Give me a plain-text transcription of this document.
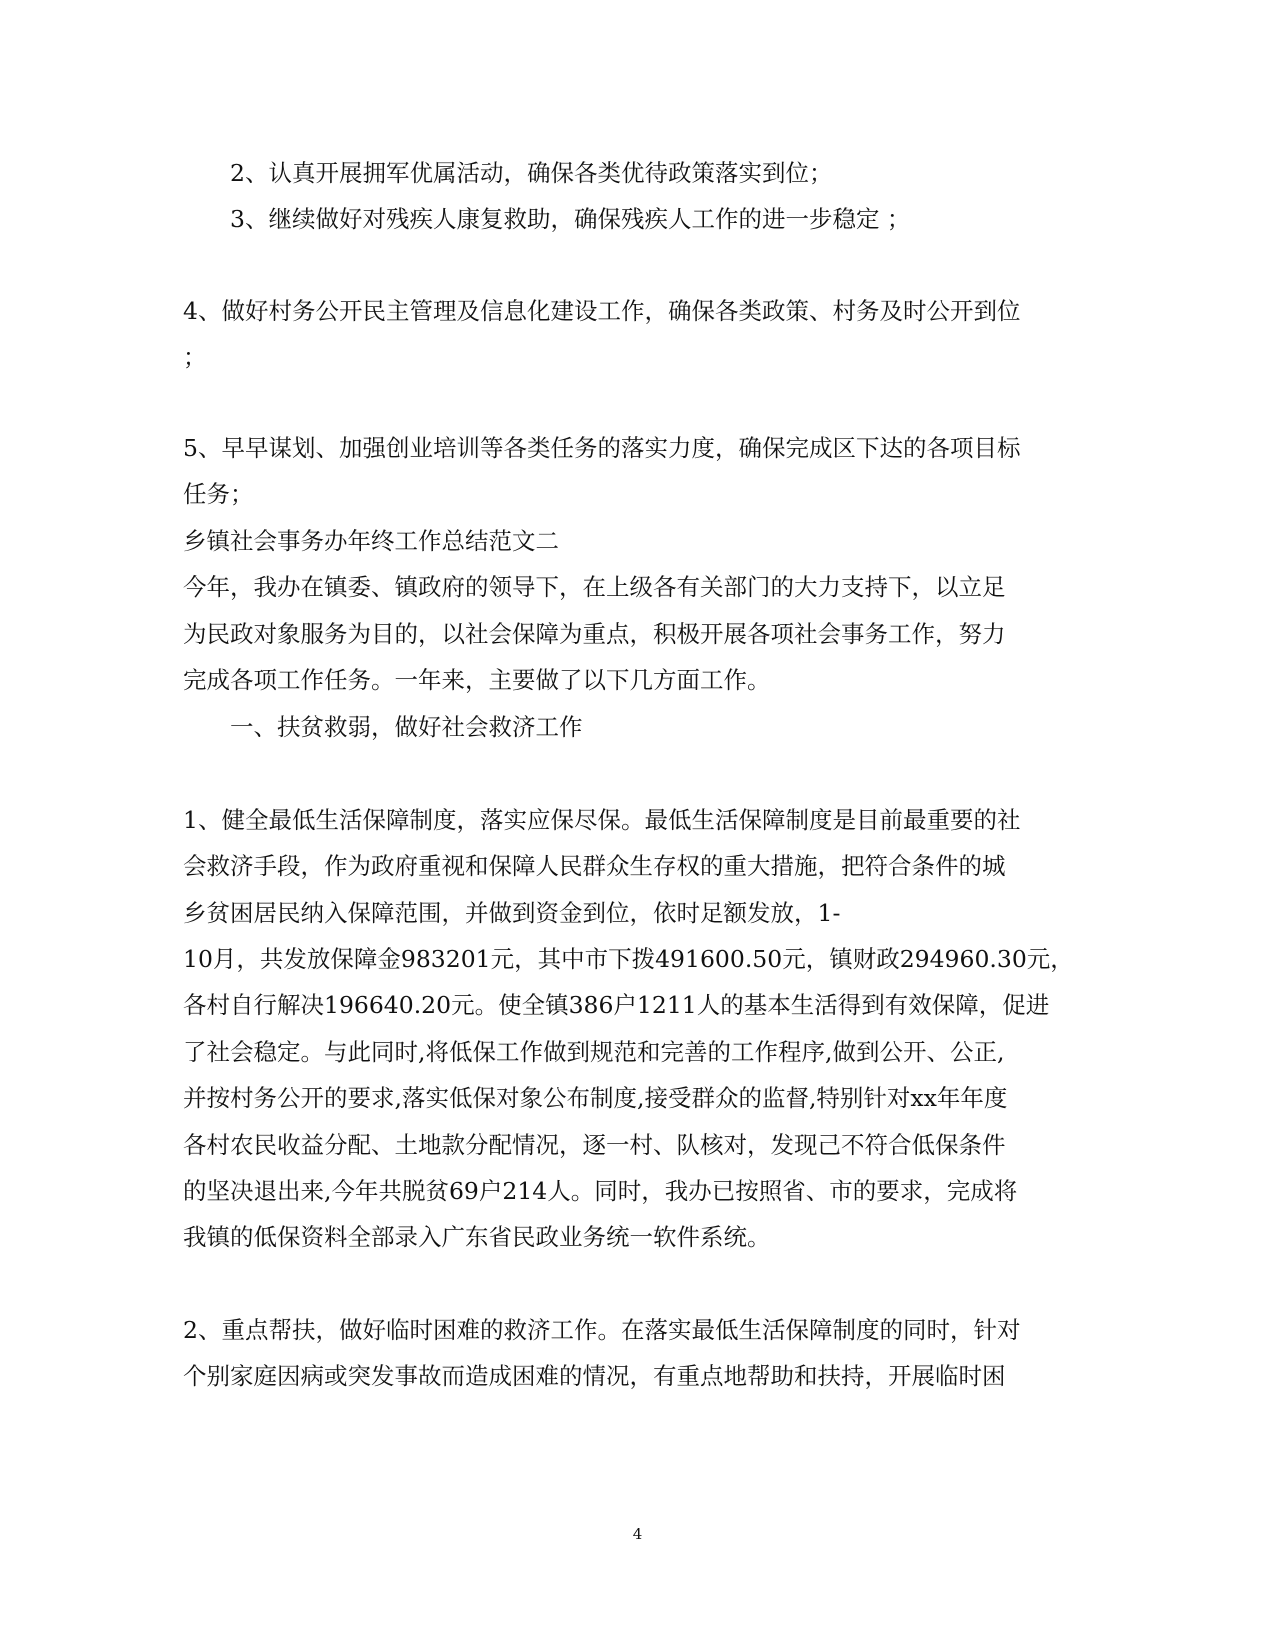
2、认真开展拥军优属活动，确保各类优待政策落实到位；
3、继续做好对残疾人康复救助，确保残疾人工作的进一步稳定 ；
4、做好村务公开民主管理及信息化建设工作，确保各类政策、村务及时公开到位
；
5、早早谋划、加强创业培训等各类任务的落实力度，确保完成区下达的各项目标
任务；
乡镇社会事务办年终工作总结范文二
今年，我办在镇委、镇政府的领导下，在上级各有关部门的大力支持下，以立足
为民政对象服务为目的，以社会保障为重点，积极开展各项社会事务工作，努力
完成各项工作任务。一年来，主要做了以下几方面工作。
一、扶贫救弱，做好社会救济工作
1、健全最低生活保障制度，落实应保尽保。最低生活保障制度是目前最重要的社
会救济手段，作为政府重视和保障人民群众生存权的重大措施，把符合条件的城
乡贫困居民纳入保障范围，并做到资金到位，依时足额发放，1-
10月，共发放保障金983201元，其中市下拨491600.50元，镇财政294960.30元，
各村自行解决196640.20元。使全镇386户1211人的基本生活得到有效保障，促进
了社会稳定。与此同时,将低保工作做到规范和完善的工作程序,做到公开、公正,
并按村务公开的要求,落实低保对象公布制度,接受群众的监督,特别针对xx年年度
各村农民收益分配、土地款分配情况，逐一村、队核对，发现己不符合低保条件
的坚决退出来,今年共脱贫69户214人。同时，我办已按照省、市的要求，完成将
我镇的低保资料全部录入广东省民政业务统一软件系统。
2、重点帮扶，做好临时困难的救济工作。在落实最低生活保障制度的同时，针对
个别家庭因病或突发事故而造成困难的情况，有重点地帮助和扶持，开展临时困
4
